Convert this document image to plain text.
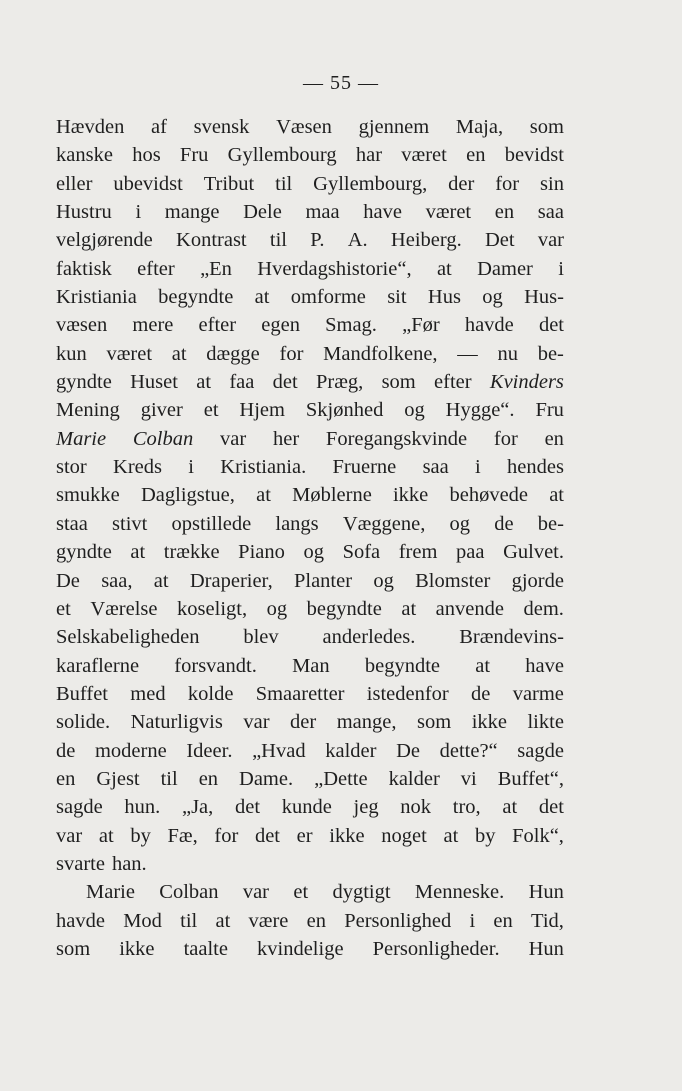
— 55 —
Hævden af svensk Væsen gjennem Maja, som
kanske hos Fru Gyllembourg har været en bevidst
eller ubevidst Tribut til Gyllembourg, der for sin
Hustru i mange Dele maa have været en saa
velgjørende Kontrast til P. A. Heiberg. Det var
faktisk efter „En Hverdagshistorie“, at Damer i
Kristiania begyndte at omforme sit Hus og Hus-
væsen mere efter egen Smag. „Før havde det
kun været at dægge for Mandfolkene, — nu be-
gyndte Huset at faa det Præg, som efter Kvinders
Mening giver et Hjem Skjønhed og Hygge“. Fru
Marie Colban var her Foregangskvinde for en
stor Kreds i Kristiania. Fruerne saa i hendes
smukke Dagligstue, at Møblerne ikke behøvede at
staa stivt opstillede langs Væggene, og de be-
gyndte at trække Piano og Sofa frem paa Gulvet.
De saa, at Draperier, Planter og Blomster gjorde
et Værelse koseligt, og begyndte at anvende dem.
Selskabeligheden blev anderledes. Brændevins-
karaflerne forsvandt. Man begyndte at have
Buffet med kolde Smaaretter istedenfor de varme
solide. Naturligvis var der mange, som ikke likte
de moderne Ideer. „Hvad kalder De dette?“ sagde
en Gjest til en Dame. „Dette kalder vi Buffet“,
sagde hun. „Ja, det kunde jeg nok tro, at det
var at by Fæ, for det er ikke noget at by Folk“,
svarte han.
Marie Colban var et dygtigt Menneske. Hun
havde Mod til at være en Personlighed i en Tid,
som ikke taalte kvindelige Personligheder. Hun
